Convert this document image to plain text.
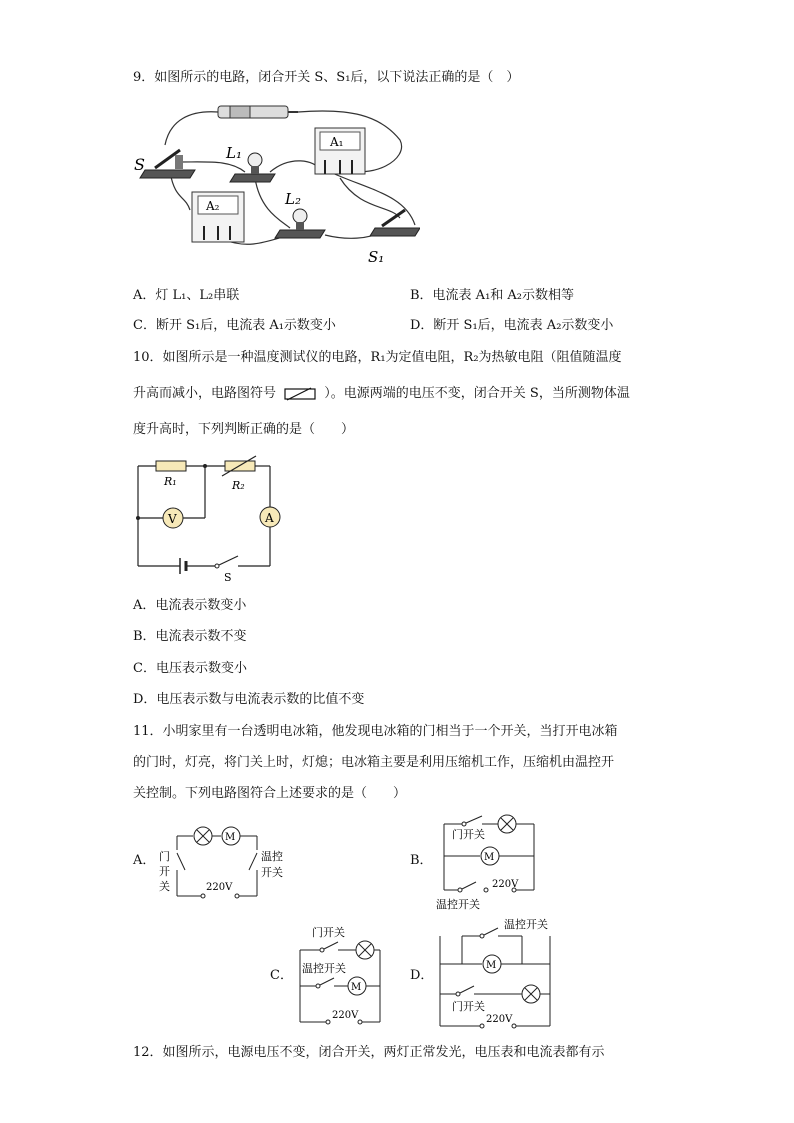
9．如图所示的电路，闭合开关 S、S₁后，以下说法正确的是（　）
S
L₁
A₁
A₂	L₂
S₁
A．灯 L₁、L₂串联	B．电流表 A₁和 A₂示数相等
C．断开 S₁后，电流表 A₁示数变小	D．断开 S₁后，电流表 A₂示数变小
10．如图所示是一种温度测试仪的电路，R₁为定值电阻，R₂为热敏电阻（阻值随温度
升高而减小，电路图符号	）。电源两端的电压不变，闭合开关 S，当所测物体温
度升高时，下列判断正确的是（　　）
R₁	R₂
V	A
S
A．电流表示数变小
B．电流表示数不变
C．电压表示数变小
D．电压表示数与电流表示数的比值不变
11．小明家里有一台透明电冰箱，他发现电冰箱的门相当于一个开关，当打开电冰箱
的门时，灯亮，将门关上时，灯熄；电冰箱主要是利用压缩机工作，压缩机由温控开
关控制。下列电路图符合上述要求的是（　　）
A．
M
220V
门
开
关
温控
开关
B．
门开关
M
220V
温控开关
C．
门开关
温控开关
M
220V
D．
温控开关
M
门开关
220V
12．如图所示，电源电压不变，闭合开关，两灯正常发光，电压表和电流表都有示
